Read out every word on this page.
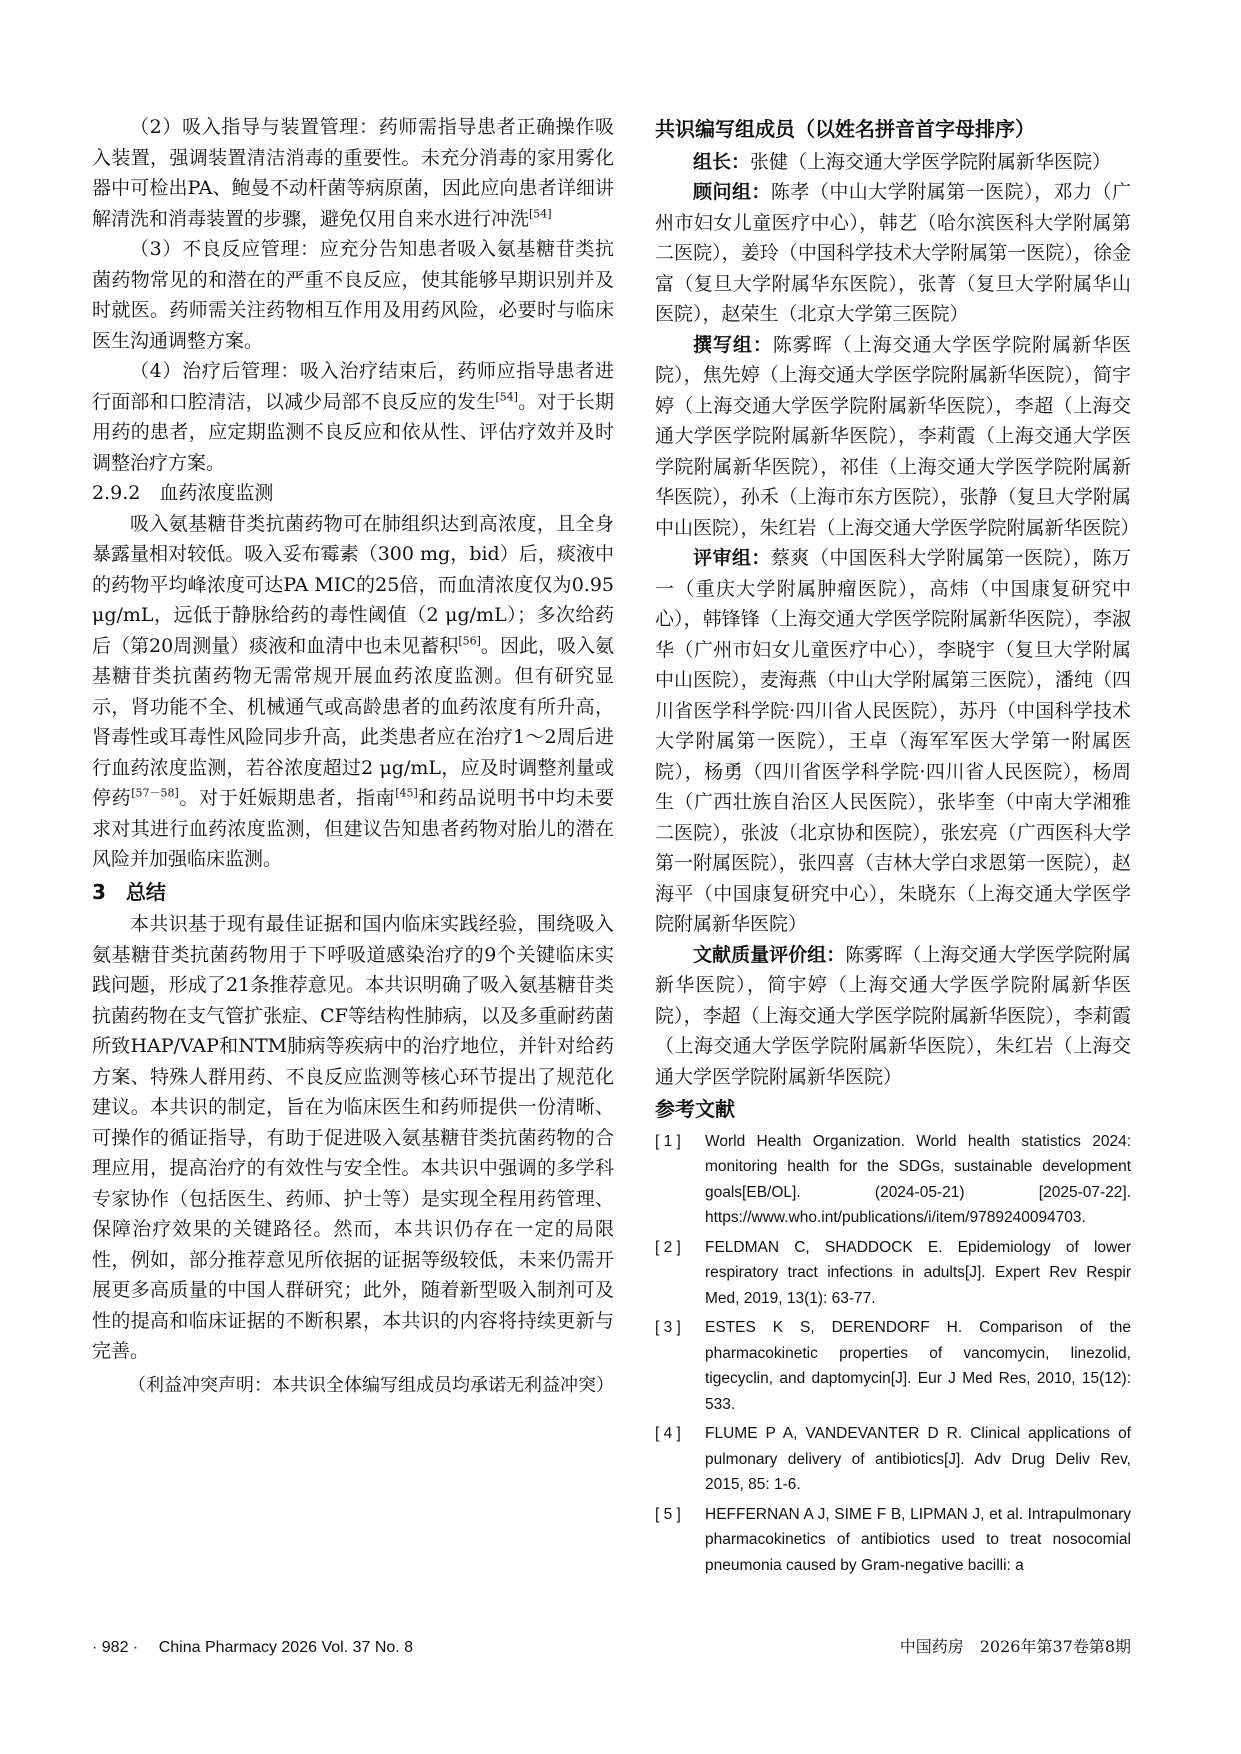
（2）吸入指导与装置管理：药师需指导患者正确操作吸入装置，强调装置清洁消毒的重要性。未充分消毒的家用雾化器中可检出PA、鲍曼不动杆菌等病原菌，因此应向患者详细讲解清洗和消毒装置的步骤，避免仅用自来水进行冲洗[54]

（3）不良反应管理：应充分告知患者吸入氨基糖苷类抗菌药物常见的和潜在的严重不良反应，使其能够早期识别并及时就医。药师需关注药物相互作用及用药风险，必要时与临床医生沟通调整方案。

（4）治疗后管理：吸入治疗结束后，药师应指导患者进行面部和口腔清洁，以减少局部不良反应的发生[54]。对于长期用药的患者，应定期监测不良反应和依从性、评估疗效并及时调整治疗方案。

2.9.2　血药浓度监测

吸入氨基糖苷类抗菌药物可在肺组织达到高浓度，且全身暴露量相对较低。吸入妥布霉素（300 mg，bid）后，痰液中的药物平均峰浓度可达PA MIC的25倍，而血清浓度仅为0.95 μg/mL，远低于静脉给药的毒性阈值（2 μg/mL）；多次给药后（第20周测量）痰液和血清中也未见蓄积[56]。因此，吸入氨基糖苷类抗菌药物无需常规开展血药浓度监测。但有研究显示，肾功能不全、机械通气或高龄患者的血药浓度有所升高，肾毒性或耳毒性风险同步升高，此类患者应在治疗1～2周后进行血药浓度监测，若谷浓度超过2 μg/mL，应及时调整剂量或停药[57－58]。对于妊娠期患者，指南[45]和药品说明书中均未要求对其进行血药浓度监测，但建议告知患者药物对胎儿的潜在风险并加强临床监测。

3　总结

本共识基于现有最佳证据和国内临床实践经验，围绕吸入氨基糖苷类抗菌药物用于下呼吸道感染治疗的9个关键临床实践问题，形成了21条推荐意见。本共识明确了吸入氨基糖苷类抗菌药物在支气管扩张症、CF等结构性肺病，以及多重耐药菌所致HAP/VAP和NTM肺病等疾病中的治疗地位，并针对给药方案、特殊人群用药、不良反应监测等核心环节提出了规范化建议。本共识的制定，旨在为临床医生和药师提供一份清晰、可操作的循证指导，有助于促进吸入氨基糖苷类抗菌药物的合理应用，提高治疗的有效性与安全性。本共识中强调的多学科专家协作（包括医生、药师、护士等）是实现全程用药管理、保障治疗效果的关键路径。然而，本共识仍存在一定的局限性，例如，部分推荐意见所依据的证据等级较低，未来仍需开展更多高质量的中国人群研究；此外，随着新型吸入制剂可及性的提高和临床证据的不断积累，本共识的内容将持续更新与完善。

（利益冲突声明：本共识全体编写组成员均承诺无利益冲突）

共识编写组成员（以姓名拼音首字母排序）

组长：张健（上海交通大学医学院附属新华医院）

顾问组：陈孝（中山大学附属第一医院），邓力（广州市妇女儿童医疗中心），韩艺（哈尔滨医科大学附属第二医院），姜玲（中国科学技术大学附属第一医院），徐金富（复旦大学附属华东医院），张菁（复旦大学附属华山医院），赵荣生（北京大学第三医院）

撰写组：陈雾晖（上海交通大学医学院附属新华医院），焦先婷（上海交通大学医学院附属新华医院），简宇婷（上海交通大学医学院附属新华医院），李超（上海交通大学医学院附属新华医院），李莉霞（上海交通大学医学院附属新华医院），祁佳（上海交通大学医学院附属新华医院），孙禾（上海市东方医院），张静（复旦大学附属中山医院），朱红岩（上海交通大学医学院附属新华医院）

评审组：蔡爽（中国医科大学附属第一医院），陈万一（重庆大学附属肿瘤医院），高炜（中国康复研究中心），韩锋锋（上海交通大学医学院附属新华医院），李淑华（广州市妇女儿童医疗中心），李晓宇（复旦大学附属中山医院），麦海燕（中山大学附属第三医院），潘纯（四川省医学科学院·四川省人民医院），苏丹（中国科学技术大学附属第一医院），王卓（海军军医大学第一附属医院），杨勇（四川省医学科学院·四川省人民医院），杨周生（广西壮族自治区人民医院），张毕奎（中南大学湘雅二医院），张波（北京协和医院），张宏亮（广西医科大学第一附属医院），张四喜（吉林大学白求恩第一医院），赵海平（中国康复研究中心），朱晓东（上海交通大学医学院附属新华医院）

文献质量评价组：陈雾晖（上海交通大学医学院附属新华医院），简宇婷（上海交通大学医学院附属新华医院），李超（上海交通大学医学院附属新华医院），李莉霞（上海交通大学医学院附属新华医院），朱红岩（上海交通大学医学院附属新华医院）

参考文献

[ 1 ]	World Health Organization. World health statistics 2024: monitoring health for the SDGs, sustainable development goals[EB/OL]. (2024-05-21) [2025-07-22]. https://www.who.int/publications/i/item/9789240094703.
[ 2 ]	FELDMAN C, SHADDOCK E. Epidemiology of lower respiratory tract infections in adults[J]. Expert Rev Respir Med, 2019, 13(1): 63-77.
[ 3 ]	ESTES K S, DERENDORF H. Comparison of the pharmacokinetic properties of vancomycin, linezolid, tigecyclin, and daptomycin[J]. Eur J Med Res, 2010, 15(12): 533.
[ 4 ]	FLUME P A, VANDEVANTER D R. Clinical applications of pulmonary delivery of antibiotics[J]. Adv Drug Deliv Rev, 2015, 85: 1-6.
[ 5 ]	HEFFERNAN A J, SIME F B, LIPMAN J, et al. Intrapulmonary pharmacokinetics of antibiotics used to treat nosocomial pneumonia caused by Gram-negative bacilli: a
· 982 ·　 China Pharmacy 2026 Vol. 37 No. 8	中国药房　2026年第37卷第8期
